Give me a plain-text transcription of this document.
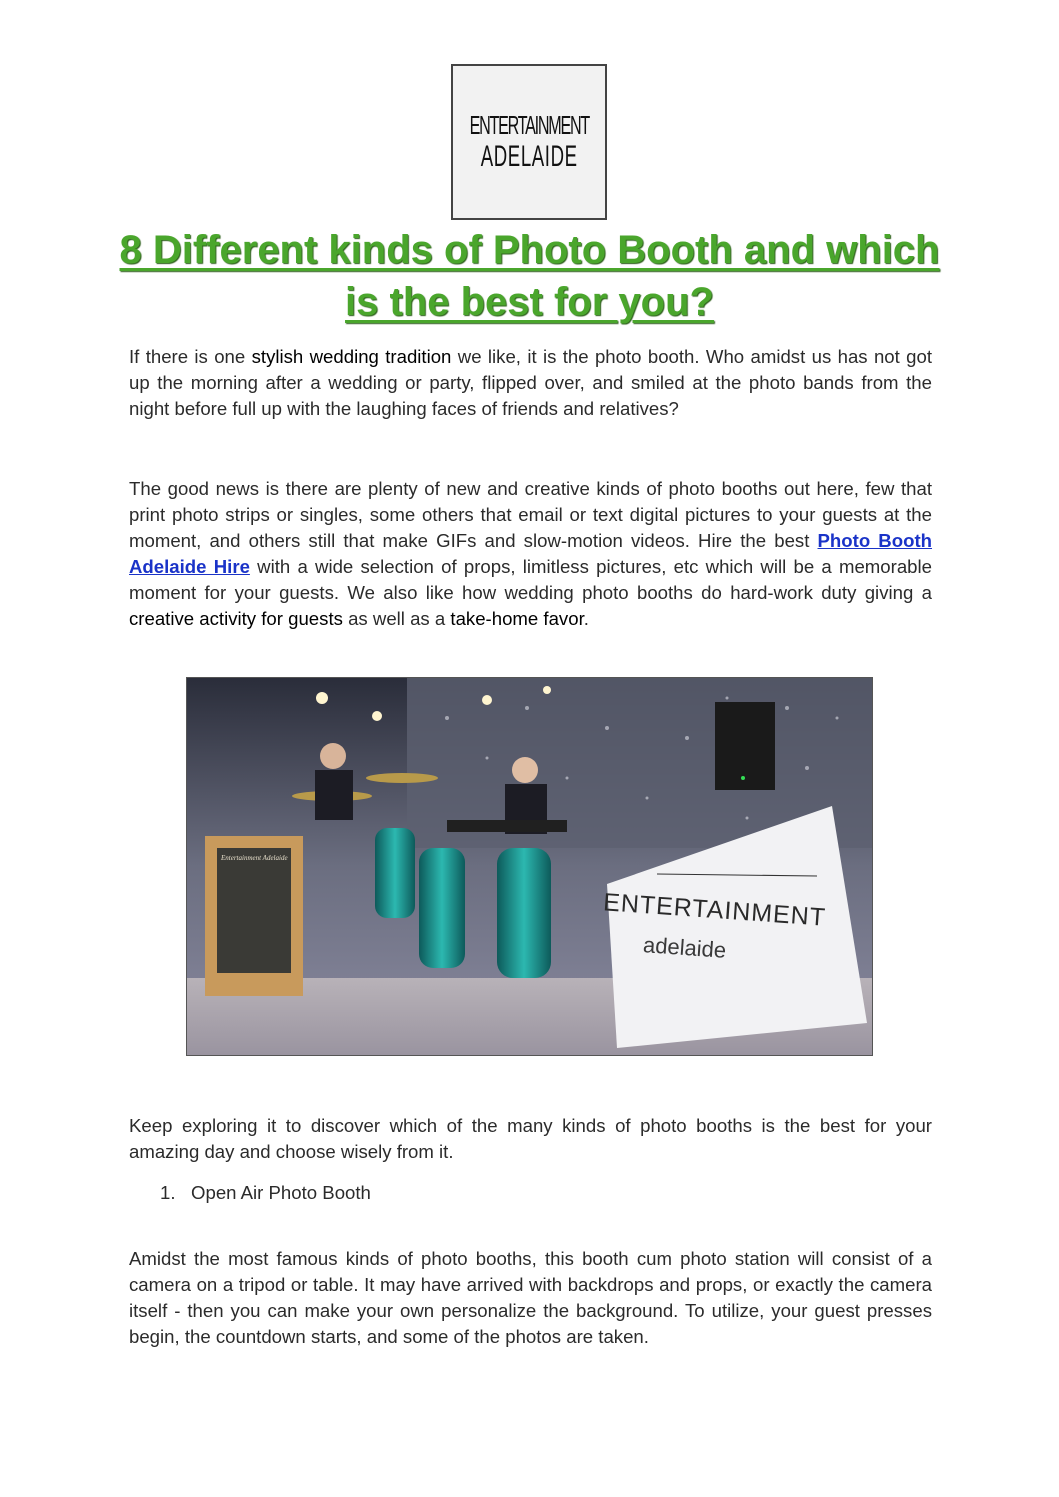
ENTERTAINMENT
ADELAIDE
8 Different kinds of Photo Booth and which is the best for you?

If there is one stylish wedding tradition we like, it is the photo booth. Who amidst us has not got up the morning after a wedding or party, flipped over, and smiled at the photo bands from the night before full up with the laughing faces of friends and relatives?

The good news is there are plenty of new and creative kinds of photo booths out here, few that print photo strips or singles, some others that email or text digital pictures to your guests at the moment, and others still that make GIFs and slow-motion videos. Hire the best Photo Booth Adelaide Hire with a wide selection of props, limitless pictures, etc which will be a memorable moment for your guests. We also like how wedding photo booths do hard-work duty giving a creative activity for guests as well as a take-home favor.

ENTERTAINMENT
adelaide
Entertainment Adelaide

Keep exploring it to discover which of the many kinds of photo booths is the best for your amazing day and choose wisely from it.

1. Open Air Photo Booth

Amidst the most famous kinds of photo booths, this booth cum photo station will consist of a camera on a tripod or table. It may have arrived with backdrops and props, or exactly the camera itself - then you can make your own personalize the background. To utilize, your guest presses begin, the countdown starts, and some of the photos are taken.
